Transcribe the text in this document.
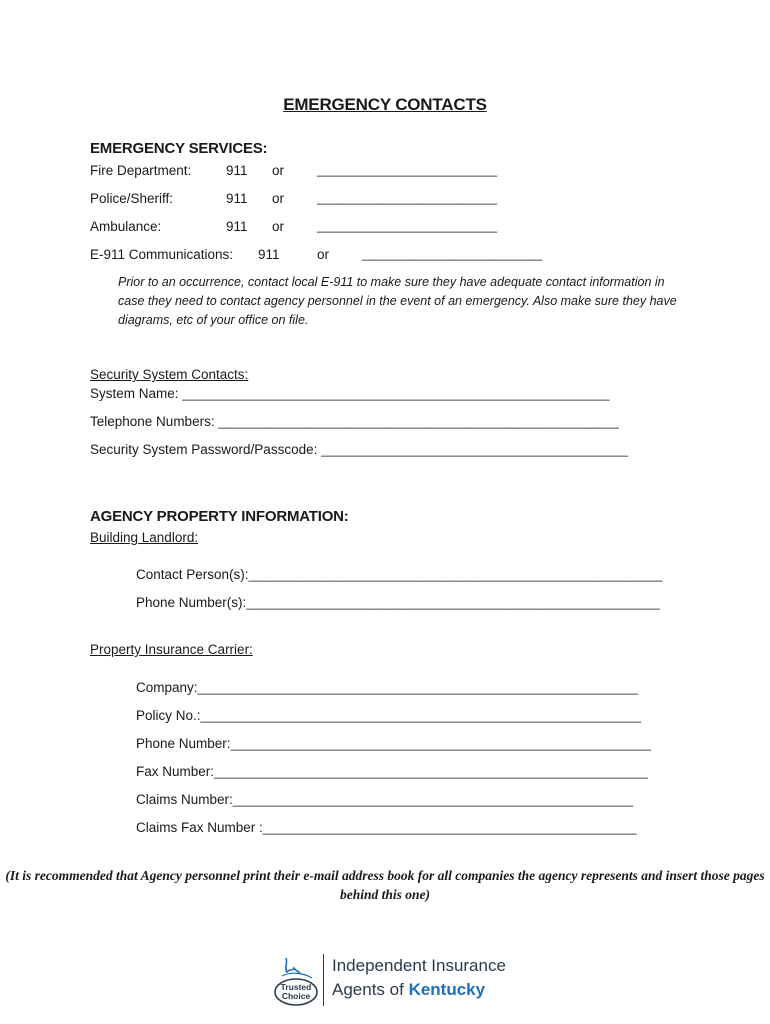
EMERGENCY CONTACTS
EMERGENCY SERVICES:
Fire Department:	911 or	___________________________
Police/Sheriff:	911 or	___________________________
Ambulance:	911 or	___________________________
E-911 Communications: 911	or	___________________________
Prior to an occurrence, contact local E-911 to make sure they have adequate contact information in case they need to contact agency personnel in the event of an emergency. Also make sure they have diagrams, etc of your office on file.
Security System Contacts:
System Name: ________________________________________________________________
Telephone Numbers: ____________________________________________________________
Security System Password/Passcode: ______________________________________________
AGENCY PROPERTY INFORMATION:
Building Landlord:
Contact Person(s):______________________________________________________________
Phone Number(s):______________________________________________________________
Property Insurance Carrier:
Company:__________________________________________________________________
Policy No.:__________________________________________________________________
Phone Number:_______________________________________________________________
Fax Number:_________________________________________________________________
Claims Number:____________________________________________________________
Claims Fax Number :________________________________________________________
(It is recommended that Agency personnel print their e-mail address book for all companies the agency represents and insert those pages behind this one)
Trusted
Choice
Independent Insurance
Agents of Kentucky
